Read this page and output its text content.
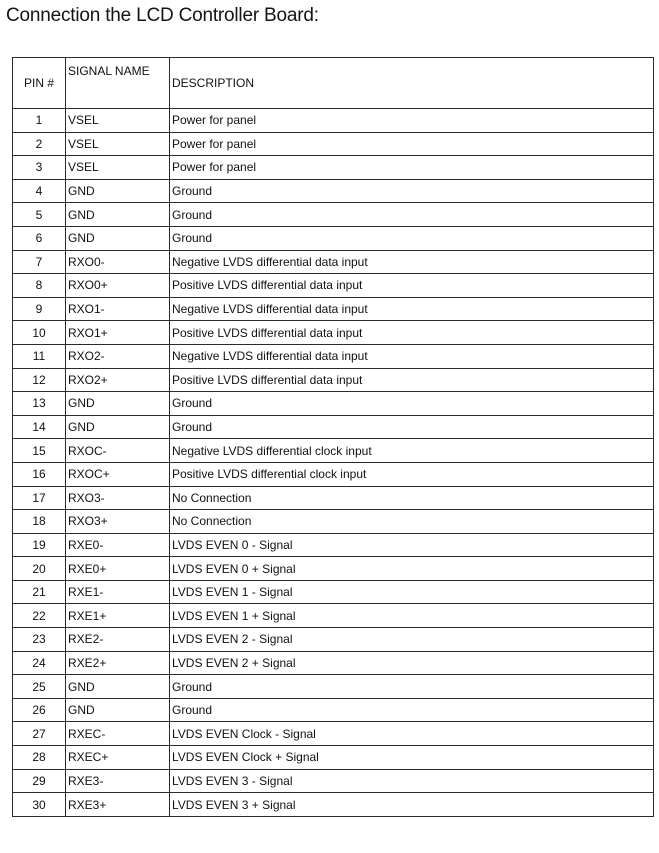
Connection the LCD Controller Board:
PIN #	SIGNAL NAME	DESCRIPTION
1	VSEL	Power for panel
2	VSEL	Power for panel
3	VSEL	Power for panel
4	GND	Ground
5	GND	Ground
6	GND	Ground
7	RXO0-	Negative LVDS differential data input
8	RXO0+	Positive LVDS differential data input
9	RXO1-	Negative LVDS differential data input
10	RXO1+	Positive LVDS differential data input
11	RXO2-	Negative LVDS differential data input
12	RXO2+	Positive LVDS differential data input
13	GND	Ground
14	GND	Ground
15	RXOC-	Negative LVDS differential clock input
16	RXOC+	Positive LVDS differential clock input
17	RXO3-	No Connection
18	RXO3+	No Connection
19	RXE0-	LVDS EVEN 0 - Signal
20	RXE0+	LVDS EVEN 0 + Signal
21	RXE1-	LVDS EVEN 1 - Signal
22	RXE1+	LVDS EVEN 1 + Signal
23	RXE2-	LVDS EVEN 2 - Signal
24	RXE2+	LVDS EVEN 2 + Signal
25	GND	Ground
26	GND	Ground
27	RXEC-	LVDS EVEN Clock - Signal
28	RXEC+	LVDS EVEN Clock + Signal
29	RXE3-	LVDS EVEN 3 - Signal
30	RXE3+	LVDS EVEN 3 + Signal
